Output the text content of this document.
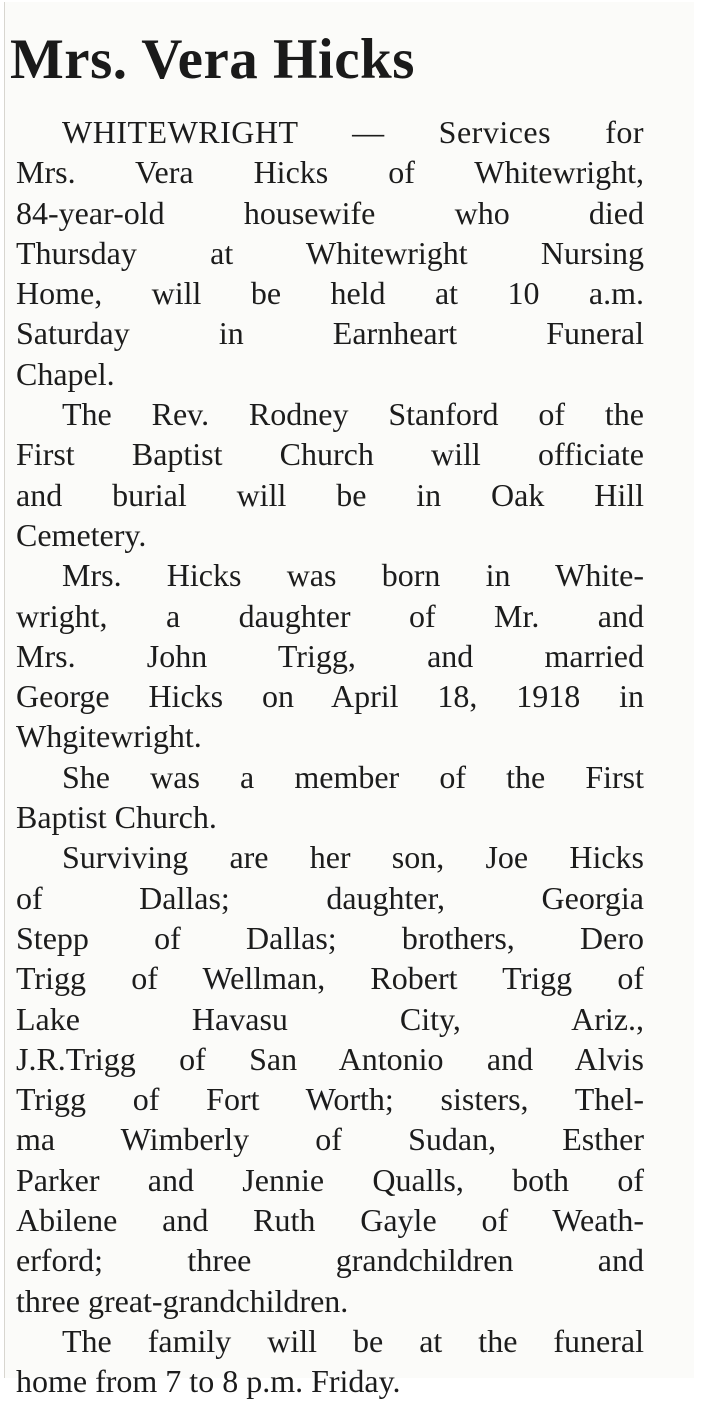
Mrs. Vera Hicks
WHITEWRIGHT — Services for
Mrs. Vera Hicks of Whitewright,
84-year-old housewife who died
Thursday at Whitewright Nursing
Home, will be held at 10 a.m.
Saturday in Earnheart Funeral
Chapel.
The Rev. Rodney Stanford of the
First Baptist Church will officiate
and burial will be in Oak Hill
Cemetery.
Mrs. Hicks was born in White-
wright, a daughter of Mr. and
Mrs. John Trigg, and married
George Hicks on April 18, 1918 in
Whgitewright.
She was a member of the First
Baptist Church.
Surviving are her son, Joe Hicks
of Dallas; daughter, Georgia
Stepp of Dallas; brothers, Dero
Trigg of Wellman, Robert Trigg of
Lake Havasu City, Ariz.,
J.R.Trigg of San Antonio and Alvis
Trigg of Fort Worth; sisters, Thel-
ma Wimberly of Sudan, Esther
Parker and Jennie Qualls, both of
Abilene and Ruth Gayle of Weath-
erford; three grandchildren and
three great-grandchildren.
The family will be at the funeral
home from 7 to 8 p.m. Friday.
